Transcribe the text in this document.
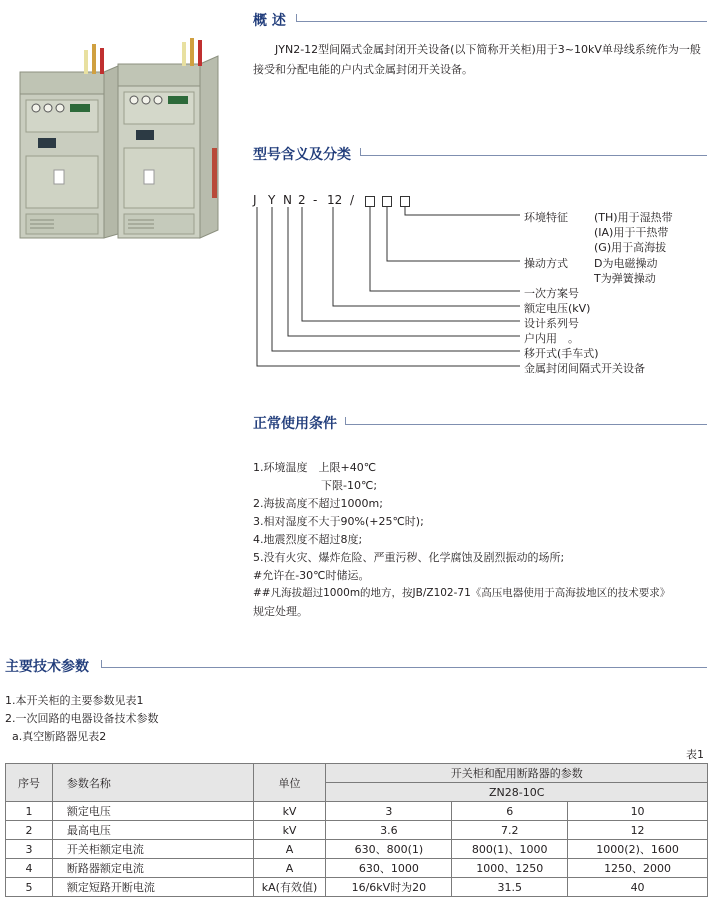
概 述
JYN2-12型间隔式金属封闭开关设备(以下简称开关柜)用于3~10kV单母线系统作为一般接受和分配电能的户内式金属封闭开关设备。
型号含义及分类
J Y N 2 - 12 /
环境特征 (TH)用于湿热带
(IA)用于干热带
(G)用于高海拔
操动方式 D为电磁操动
T为弹簧操动
一次方案号
额定电压(kV)
设计系列号
户内用　。
移开式(手车式)
金属封闭间隔式开关设备
正常使用条件
1.环境温度　上限+40℃
下限-10℃;
2.海拔高度不超过1000m;
3.相对湿度不大于90%(+25℃时);
4.地震烈度不超过8度;
5.没有火灾、爆炸危险、严重污秽、化学腐蚀及剧烈振动的场所;
#允许在-30℃时储运。
##凡海拔超过1000m的地方，按JB/Z102-71《高压电器使用于高海拔地区的技术要求》
规定处理。
主要技术参数
1.本开关柜的主要参数见表1
2.一次回路的电器设备技术参数
a.真空断路器见表2
表1
序号	参数名称	单位	开关柜和配用断路器的参数		
			ZN28-10C		
1	额定电压	kV	3	6	10
2	最高电压	kV	3.6	7.2	12
3	开关柜额定电流	A	630、800(1)	800(1)、1000	1000(2)、1600
4	断路器额定电流	A	630、1000	1000、1250	1250、2000
5	额定短路开断电流	kA(有效值)	16/6kV时为20	31.5	40
